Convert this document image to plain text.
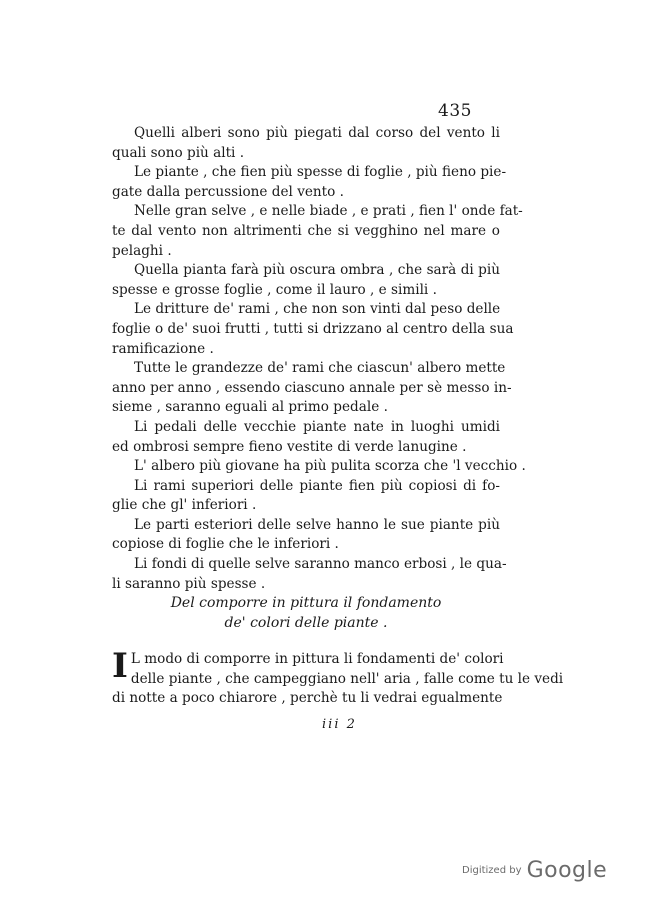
435
Quelli alberi sono più piegati dal corso del vento li
quali sono più alti .
Le piante , che fien più spesse di foglie , più fieno pie-
gate dalla percussione del vento .
Nelle gran selve , e nelle biade , e prati , fien l' onde fat-
te dal vento non altrimenti che si vegghino nel mare o
pelaghi .
Quella pianta farà più oscura ombra , che sarà di più
spesse e grosse foglie , come il lauro , e simili .
Le dritture de' rami , che non son vinti dal peso delle
foglie o de' suoi frutti , tutti si drizzano al centro della sua
ramificazione .
Tutte le grandezze de' rami che ciascun' albero mette
anno per anno , essendo ciascuno annale per sè messo in-
sieme , saranno eguali al primo pedale .
Li pedali delle vecchie piante nate in luoghi umidi
ed ombrosi sempre fieno vestite di verde lanugine .
L' albero più giovane ha più pulita scorza che 'l vecchio .
Li rami superiori delle piante fien più copiosi di fo-
glie che gl' inferiori .
Le parti esteriori delle selve hanno le sue piante più
copiose di foglie che le inferiori .
Li fondi di quelle selve saranno manco erbosi , le qua-
li saranno più spesse .
Del comporre in pittura il fondamento
de' colori delle piante .
I L modo di comporre in pittura li fondamenti de' colori
delle piante , che campeggiano nell' aria , falle come tu le vedi
di notte a poco chiarore , perchè tu li vedrai egualmente
iii 2
Digitized by Google
